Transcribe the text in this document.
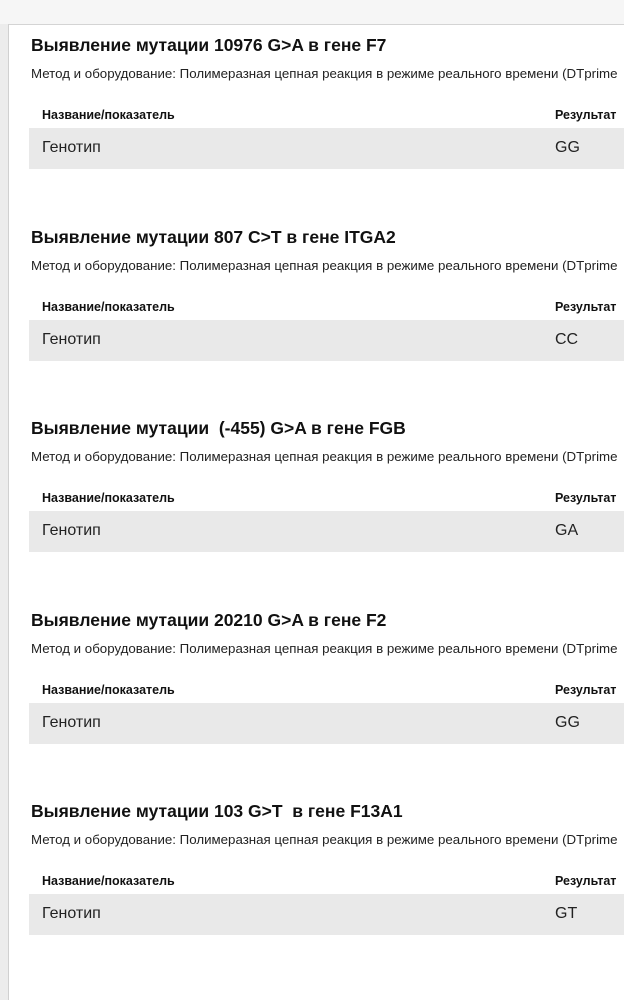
Выявление мутации 10976 G>A в гене F7
Метод и оборудование: Полимеразная цепная реакция в режиме реального времени (DTprime
Название/показатель	Результат
Генотип	GG
Выявление мутации 807 C>T в гене ITGA2
Метод и оборудование: Полимеразная цепная реакция в режиме реального времени (DTprime
Название/показатель	Результат
Генотип	CC
Выявление мутации  (-455) G>A в гене FGB
Метод и оборудование: Полимеразная цепная реакция в режиме реального времени (DTprime
Название/показатель	Результат
Генотип	GA
Выявление мутации 20210 G>A в гене F2
Метод и оборудование: Полимеразная цепная реакция в режиме реального времени (DTprime
Название/показатель	Результат
Генотип	GG
Выявление мутации 103 G>T  в гене F13A1
Метод и оборудование: Полимеразная цепная реакция в режиме реального времени (DTprime
Название/показатель	Результат
Генотип	GT
